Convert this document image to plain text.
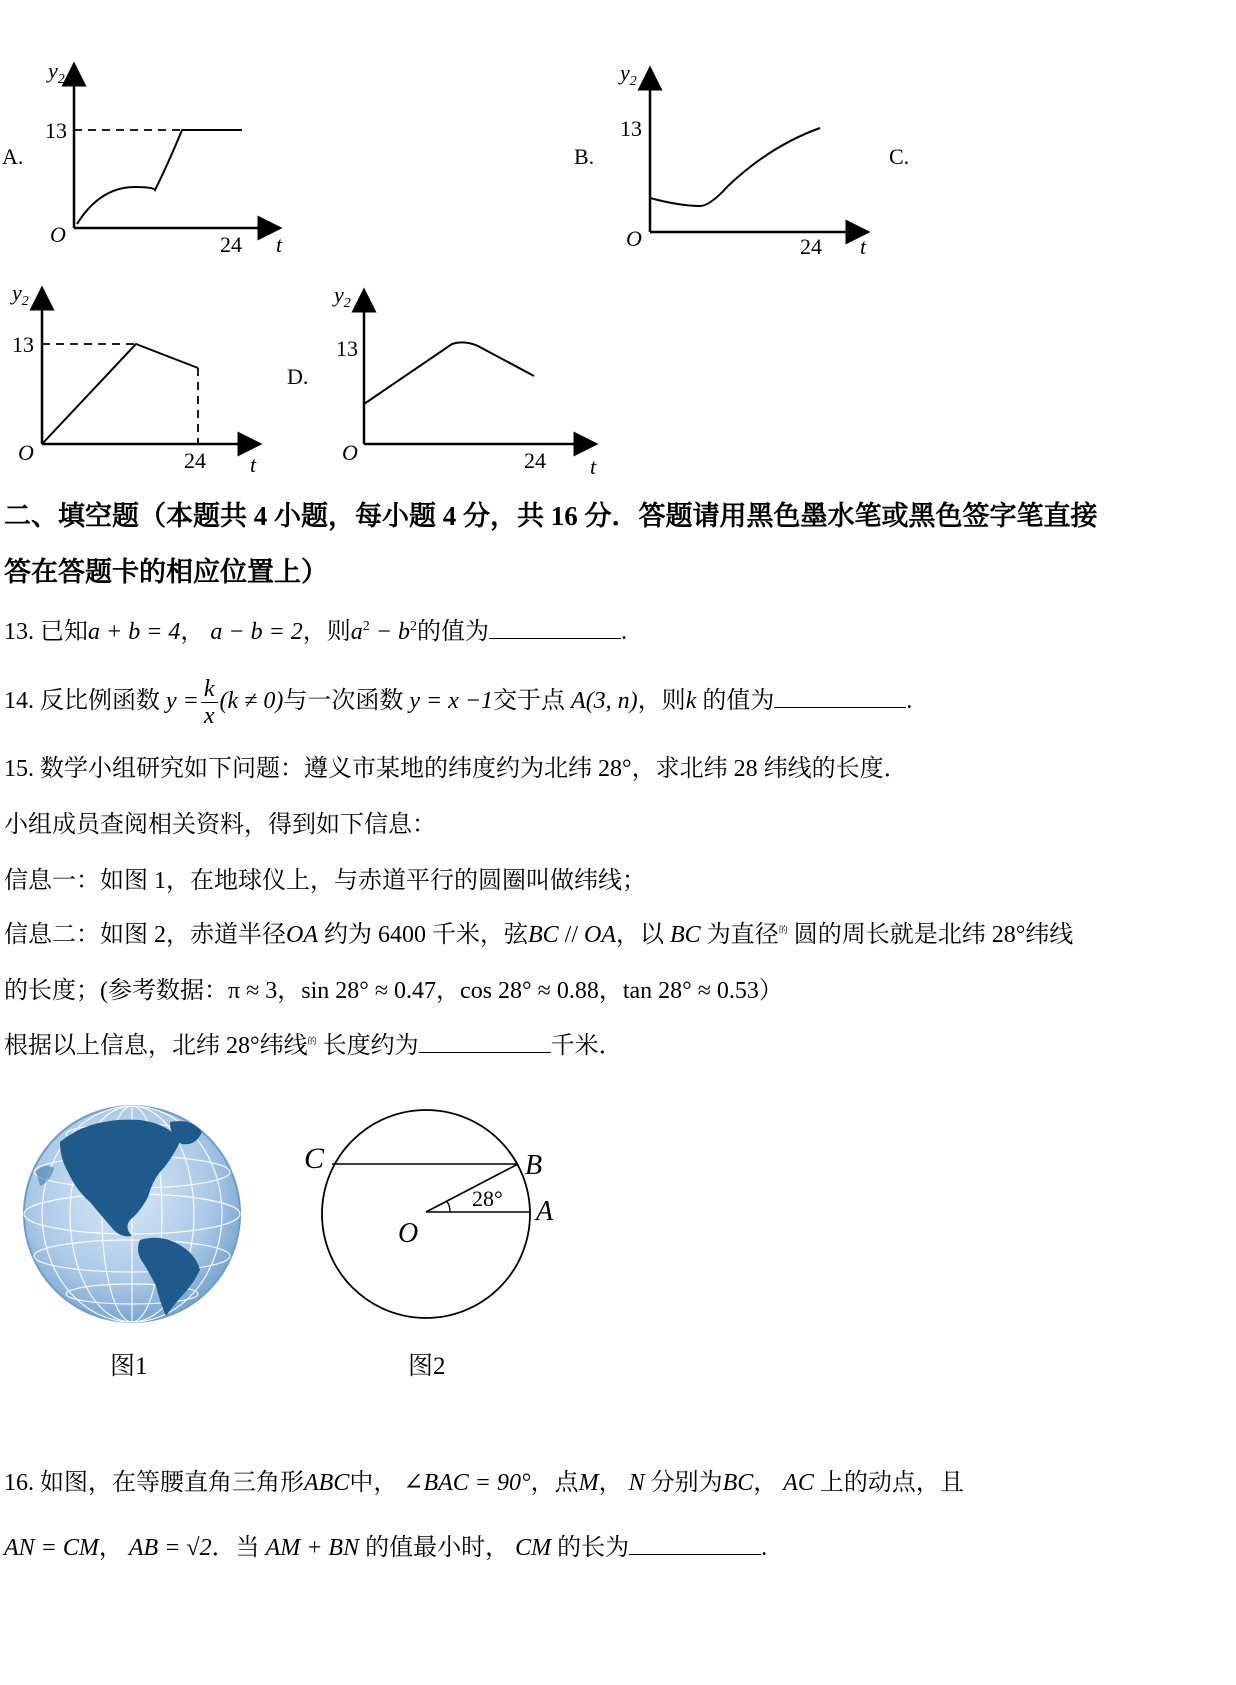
A.	B.	C.
D.
$y_2$
13
O	24 t
$y_2$
13
O	24 t
$y_2$
13
O	24 t
$y_2$
13
O	24 t
二、填空题（本题共 4 小题，每小题 4 分，共 16 分．答题请用黑色墨水笔或黑色签字笔直接
答在答题卡的相应位置上）
13. 已知a + b = 4， a − b = 2，则$a^2 - b^2$的值为	.
14. 反比例函数 $y = \frac{k}{x} (k \ne 0)$与一次函数 y = x −1交于点 A(3, n)，则k 的值为	.
15. 数学小组研究如下问题：遵义市某地的纬度约为北纬 28°，求北纬 28 纬线的长度．
小组成员查阅相关资料，得到如下信息：
信息一：如图 1，在地球仪上，与赤道平行的圆圈叫做纬线；
信息二：如图 2，赤道半径OA 约为 6400 千米，弦BC // OA，以 BC 为直径$^的$ 圆的周长就是北纬 28°纬线
的长度；(参考数据：π ≈ 3，sin 28° ≈ 0.47，cos 28° ≈ 0.88，tan 28° ≈ 0.53）
根据以上信息，北纬 28°纬线$^的$ 长度约为	千米．
C	B
A
O
28°
图1	图2
16. 如图，在等腰直角三角形ABC中， ∠BAC = 90°，点M， N 分别为BC， AC 上的动点，且
AN = CM， AB = √2．当 AM + BN 的值最小时， CM 的长为	.
